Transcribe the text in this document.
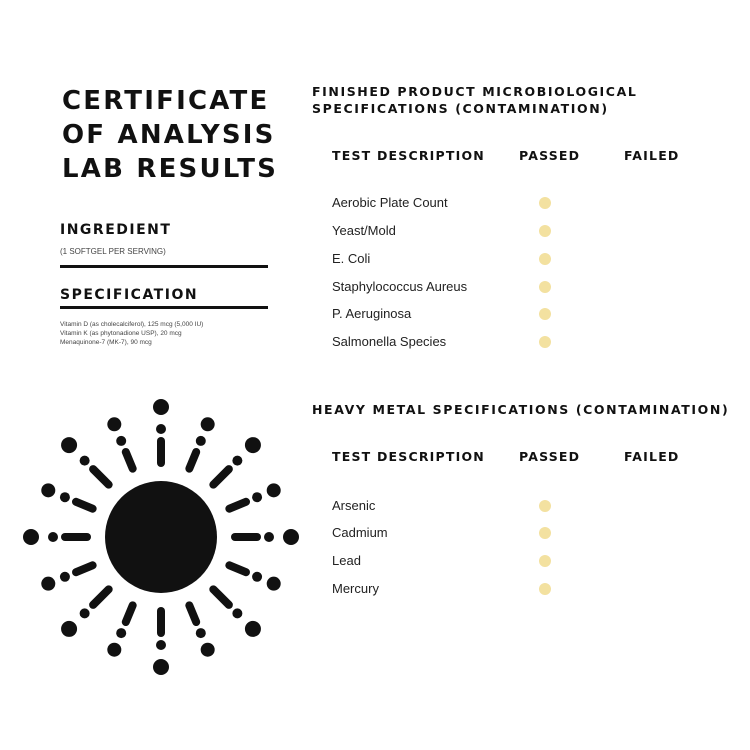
CERTIFICATE
OF ANALYSIS
LAB RESULTS
INGREDIENT
(1 SOFTGEL PER SERVING)
SPECIFICATION
Vitamin D (as cholecalciferol), 125 mcg (5,000 IU)
Vitamin K (as phytonadione USP), 20 mcg
Menaquinone-7 (MK-7), 90 mcg
FINISHED PRODUCT MICROBIOLOGICAL
SPECIFICATIONS (CONTAMINATION)
TEST DESCRIPTION	PASSED	FAILED
Aerobic Plate Count
Yeast/Mold
E. Coli
Staphylococcus Aureus
P. Aeruginosa
Salmonella Species
HEAVY METAL SPECIFICATIONS (CONTAMINATION)
TEST DESCRIPTION	PASSED	FAILED
Arsenic
Cadmium
Lead
Mercury
